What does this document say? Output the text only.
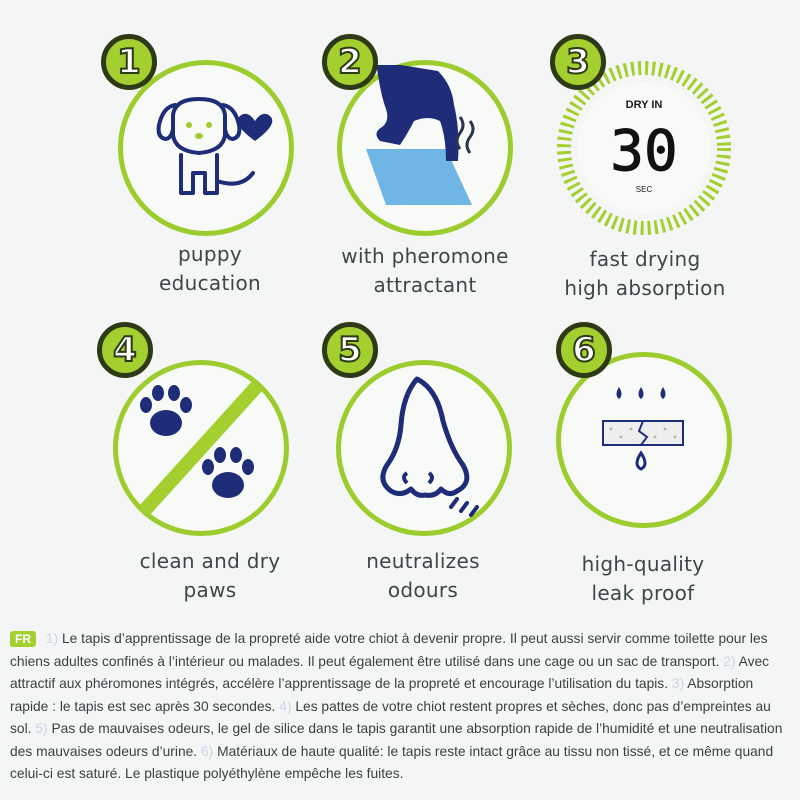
1
puppy
education
2
with pheromone
attractant
DRY IN
30
SEC
3
fast drying
high absorption
4
clean and dry
paws
5
neutralizes
odours
6
high-quality
leak proof
FR 1) Le tapis d’apprentissage de la propreté aide votre chiot à devenir propre. Il peut aussi servir comme toilette pour les chiens adultes confinés à l’intérieur ou malades. Il peut également être utilisé dans une cage ou un sac de transport. 2) Avec attractif aux phéromones intégrés, accélère l’apprentissage de la propreté et encourage l’utilisation du tapis. 3) Absorption rapide : le tapis est sec après 30 secondes. 4) Les pattes de votre chiot restent propres et sèches, donc pas d’empreintes au sol. 5) Pas de mauvaises odeurs, le gel de silice dans le tapis garantit une absorption rapide de l’humidité et une neutralisation des mauvaises odeurs d’urine. 6) Matériaux de haute qualité: le tapis reste intact grâce au tissu non tissé, et ce même quand celui-ci est saturé. Le plastique polyéthylène empêche les fuites.
